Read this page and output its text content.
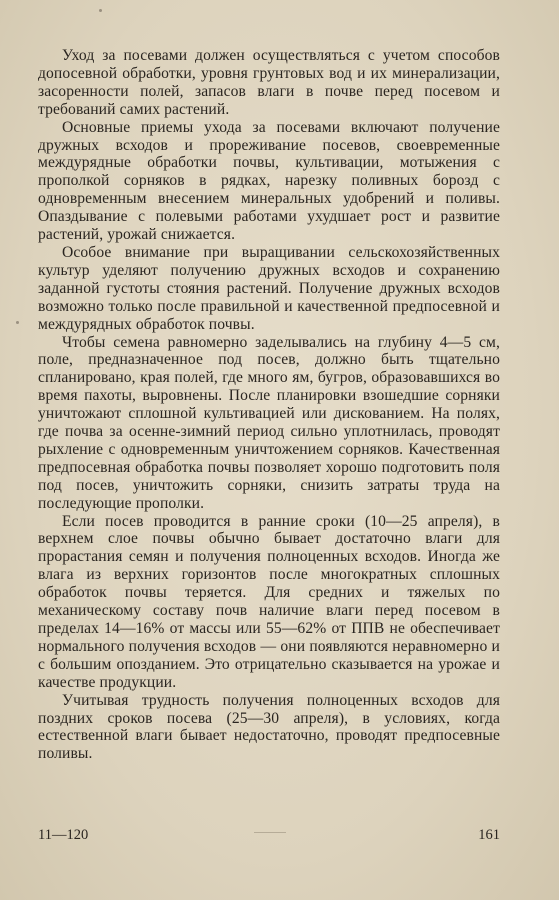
Уход за посевами должен осуществляться с учетом способов допосевной обработки, уровня грунтовых вод и их минерализации, засоренности полей, запасов влаги в почве перед посевом и требований самих растений.

Основные приемы ухода за посевами включают получение дружных всходов и прореживание посевов, своевременные междурядные обработки почвы, культивации, мотыжения с прополкой сорняков в рядках, нарезку поливных борозд с одновременным внесением минеральных удобрений и поливы. Опаздывание с полевыми работами ухудшает рост и развитие растений, урожай снижается.

Особое внимание при выращивании сельскохозяйственных культур уделяют получению дружных всходов и сохранению заданной густоты стояния растений. Получение дружных всходов возможно только после правильной и качественной предпосевной и междурядных обработок почвы.

Чтобы семена равномерно заделывались на глубину 4—5 см, поле, предназначенное под посев, должно быть тщательно спланировано, края полей, где много ям, бугров, образовавшихся во время пахоты, выровнены. После планировки взошедшие сорняки уничтожают сплошной культивацией или дискованием. На полях, где почва за осенне-зимний период сильно уплотнилась, проводят рыхление с одновременным уничтожением сорняков. Качественная предпосевная обработка почвы позволяет хорошо подготовить поля под посев, уничтожить сорняки, снизить затраты труда на последующие прополки.

Если посев проводится в ранние сроки (10—25 апреля), в верхнем слое почвы обычно бывает достаточно влаги для прорастания семян и получения полноценных всходов. Иногда же влага из верхних горизонтов после многократных сплошных обработок почвы теряется. Для средних и тяжелых по механическому составу почв наличие влаги перед посевом в пределах 14—16% от массы или 55—62% от ППВ не обеспечивает нормального получения всходов — они появляются неравномерно и с большим опозданием. Это отрицательно сказывается на урожае и качестве продукции.

Учитывая трудность получения полноценных всходов для поздних сроков посева (25—30 апреля), в условиях, когда естественной влаги бывает недостаточно, проводят предпосевные поливы.

11—120	161
